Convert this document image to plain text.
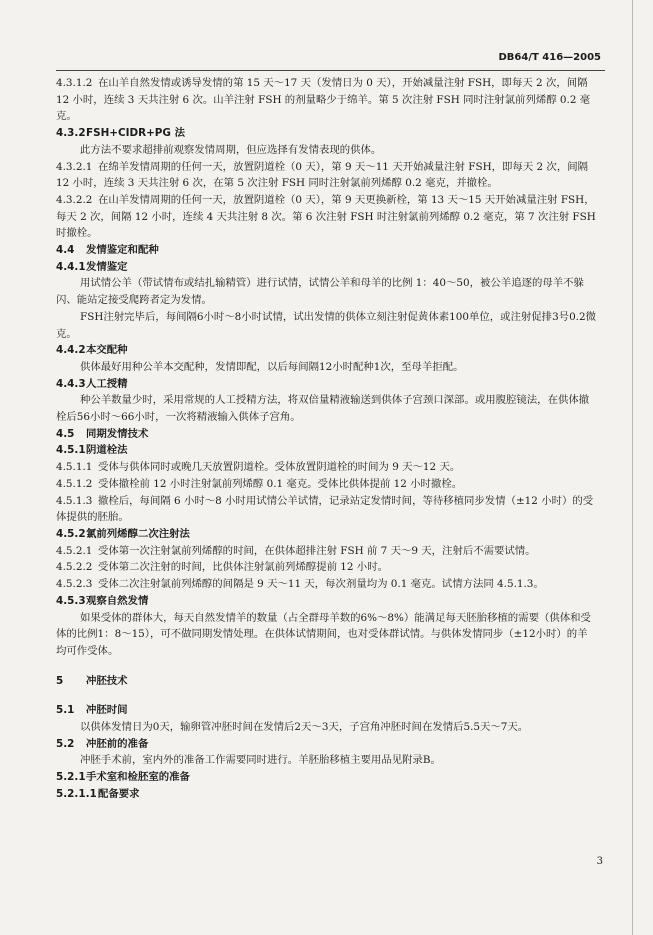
DB64/T 416—2005

4.3.1.2 在山羊自然发情或诱导发情的第 15 天～17 天（发情日为 0 天），开始减量注射 FSH，即每天 2 次，间隔 12 小时，连续 3 天共注射 6 次。山羊注射 FSH 的剂量略少于绵羊。第 5 次注射 FSH 同时注射氯前列烯醇 0.2 毫克。

4.3.2FSH+CIDR+PG 法

此方法不要求超排前观察发情周期，但应选择有发情表现的供体。

4.3.2.1 在绵羊发情周期的任何一天，放置阴道栓（0 天），第 9 天～11 天开始减量注射 FSH，即每天 2 次，间隔 12 小时，连续 3 天共注射 6 次，在第 5 次注射 FSH 同时注射氯前列烯醇 0.2 毫克，并撤栓。

4.3.2.2 在山羊发情周期的任何一天，放置阴道栓（0 天），第 9 天更换新栓，第 13 天～15 天开始减量注射 FSH，每天 2 次，间隔 12 小时，连续 4 天共注射 8 次。第 6 次注射 FSH 时注射氯前列烯醇 0.2 毫克，第 7 次注射 FSH 时撤栓。

4.4 发情鉴定和配种

4.4.1发情鉴定

用试情公羊（带试情布或结扎输精管）进行试情，试情公羊和母羊的比例 1：40～50，被公羊追逐的母羊不躲闪、能站定接受爬跨者定为发情。

FSH注射完毕后，每间隔6小时～8小时试情，试出发情的供体立刻注射促黄体素100单位，或注射促排3号0.2微克。

4.4.2本交配种

供体最好用种公羊本交配种，发情即配，以后每间隔12小时配种1次，至母羊拒配。

4.4.3人工授精

种公羊数量少时，采用常规的人工授精方法，将双倍量精液输送到供体子宫颈口深部。或用腹腔镜法，在供体撤栓后56小时～66小时，一次将精液输入供体子宫角。

4.5 同期发情技术

4.5.1阴道栓法

4.5.1.1 受体与供体同时或晚几天放置阴道栓。受体放置阴道栓的时间为 9 天～12 天。

4.5.1.2 受体撤栓前 12 小时注射氯前列烯醇 0.1 毫克。受体比供体提前 12 小时撤栓。

4.5.1.3 撤栓后，每间隔 6 小时～8 小时用试情公羊试情，记录站定发情时间，等待移植同步发情（±12 小时）的受体提供的胚胎。

4.5.2氯前列烯醇二次注射法

4.5.2.1 受体第一次注射氯前列烯醇的时间，在供体超排注射 FSH 前 7 天～9 天，注射后不需要试情。

4.5.2.2 受体第二次注射的时间，比供体注射氯前列烯醇提前 12 小时。

4.5.2.3 受体二次注射氯前列烯醇的间隔是 9 天～11 天，每次剂量均为 0.1 毫克。试情方法同 4.5.1.3。

4.5.3观察自然发情

如果受体的群体大，每天自然发情羊的数量（占全群母羊数的6%～8%）能满足每天胚胎移植的需要（供体和受体的比例1：8～15），可不做同期发情处理。在供体试情期间，也对受体群试情。与供体发情同步（±12小时）的羊均可作受体。

5 冲胚技术

5.1 冲胚时间

以供体发情日为0天，输卵管冲胚时间在发情后2天～3天，子宫角冲胚时间在发情后5.5天～7天。

5.2 冲胚前的准备

冲胚手术前，室内外的准备工作需要同时进行。羊胚胎移植主要用品见附录B。

5.2.1手术室和检胚室的准备

5.2.1.1配备要求

3
